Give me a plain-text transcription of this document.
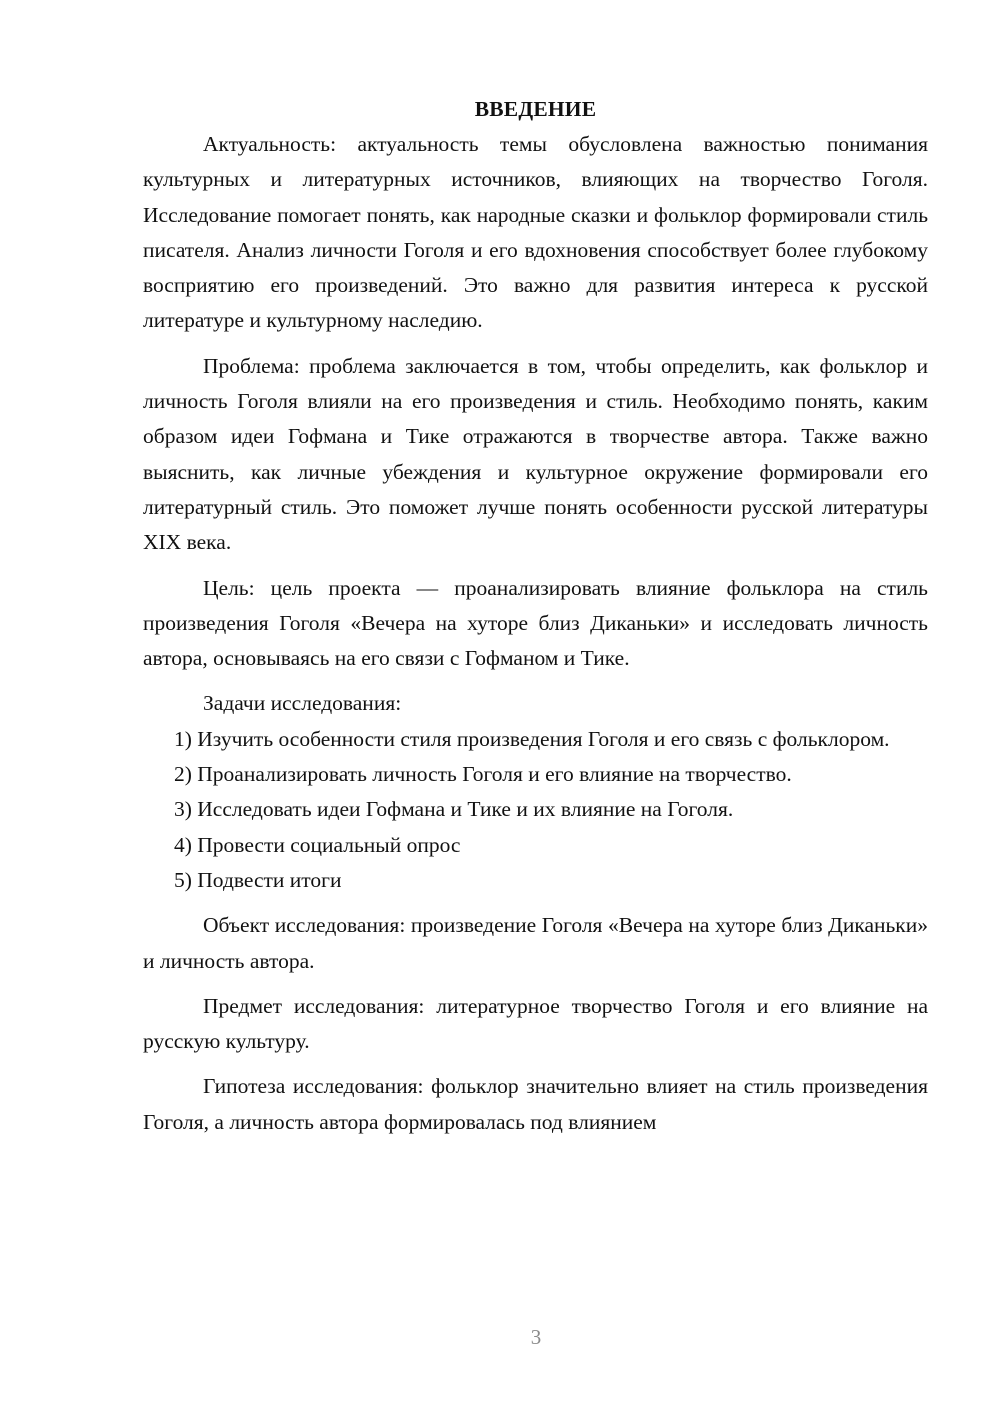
ВВЕДЕНИЕ

Актуальность: актуальность темы обусловлена важностью понимания культурных и литературных источников, влияющих на творчество Гоголя. Исследование помогает понять, как народные сказки и фольклор формировали стиль писателя. Анализ личности Гоголя и его вдохновения способствует более глубокому восприятию его произведений. Это важно для развития интереса к русской литературе и культурному наследию.

Проблема: проблема заключается в том, чтобы определить, как фольклор и личность Гоголя влияли на его произведения и стиль. Необходимо понять, каким образом идеи Гофмана и Тике отражаются в творчестве автора. Также важно выяснить, как личные убеждения и культурное окружение формировали его литературный стиль. Это поможет лучше понять особенности русской литературы XIX века.

Цель: цель проекта — проанализировать влияние фольклора на стиль произведения Гоголя «Вечера на хуторе близ Диканьки» и исследовать личность автора, основываясь на его связи с Гофманом и Тике.

Задачи исследования:

1) Изучить особенности стиля произведения Гоголя и его связь с фольклором.

2) Проанализировать личность Гоголя и его влияние на творчество.

3) Исследовать идеи Гофмана и Тике и их влияние на Гоголя.

4) Провести социальный опрос

5) Подвести итоги

Объект исследования: произведение Гоголя «Вечера на хуторе близ Диканьки» и личность автора.

Предмет исследования: литературное творчество Гоголя и его влияние на русскую культуру.

Гипотеза исследования: фольклор значительно влияет на стиль произведения Гоголя, а личность автора формировалась под влиянием

3
